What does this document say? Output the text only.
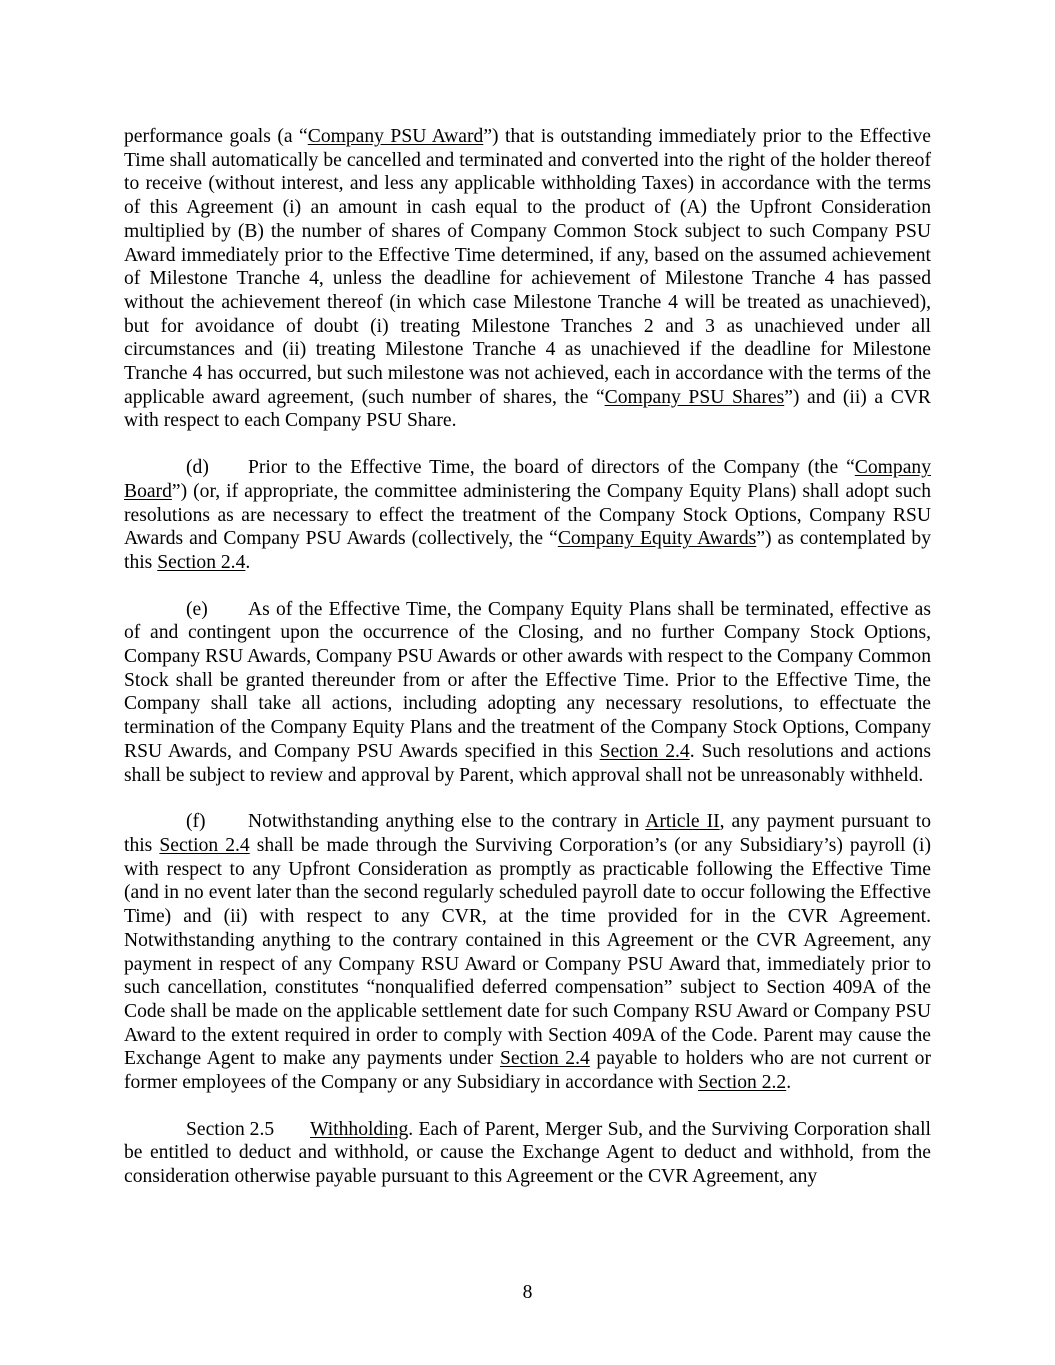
performance goals (a “Company PSU Award”) that is outstanding immediately prior to the Effective Time shall automatically be cancelled and terminated and converted into the right of the holder thereof to receive (without interest, and less any applicable withholding Taxes) in accordance with the terms of this Agreement (i) an amount in cash equal to the product of (A) the Upfront Consideration multiplied by (B) the number of shares of Company Common Stock subject to such Company PSU Award immediately prior to the Effective Time determined, if any, based on the assumed achievement of Milestone Tranche 4, unless the deadline for achievement of Milestone Tranche 4 has passed without the achievement thereof (in which case Milestone Tranche 4 will be treated as unachieved), but for avoidance of doubt (i) treating Milestone Tranches 2 and 3 as unachieved under all circumstances and (ii) treating Milestone Tranche 4 as unachieved if the deadline for Milestone Tranche 4 has occurred, but such milestone was not achieved, each in accordance with the terms of the applicable award agreement, (such number of shares, the “Company PSU Shares”) and (ii) a CVR with respect to each Company PSU Share.

(d) Prior to the Effective Time, the board of directors of the Company (the “Company Board”) (or, if appropriate, the committee administering the Company Equity Plans) shall adopt such resolutions as are necessary to effect the treatment of the Company Stock Options, Company RSU Awards and Company PSU Awards (collectively, the “Company Equity Awards”) as contemplated by this Section 2.4.

(e) As of the Effective Time, the Company Equity Plans shall be terminated, effective as of and contingent upon the occurrence of the Closing, and no further Company Stock Options, Company RSU Awards, Company PSU Awards or other awards with respect to the Company Common Stock shall be granted thereunder from or after the Effective Time. Prior to the Effective Time, the Company shall take all actions, including adopting any necessary resolutions, to effectuate the termination of the Company Equity Plans and the treatment of the Company Stock Options, Company RSU Awards, and Company PSU Awards specified in this Section 2.4. Such resolutions and actions shall be subject to review and approval by Parent, which approval shall not be unreasonably withheld.

(f) Notwithstanding anything else to the contrary in Article II, any payment pursuant to this Section 2.4 shall be made through the Surviving Corporation’s (or any Subsidiary’s) payroll (i) with respect to any Upfront Consideration as promptly as practicable following the Effective Time (and in no event later than the second regularly scheduled payroll date to occur following the Effective Time) and (ii) with respect to any CVR, at the time provided for in the CVR Agreement. Notwithstanding anything to the contrary contained in this Agreement or the CVR Agreement, any payment in respect of any Company RSU Award or Company PSU Award that, immediately prior to such cancellation, constitutes “nonqualified deferred compensation” subject to Section 409A of the Code shall be made on the applicable settlement date for such Company RSU Award or Company PSU Award to the extent required in order to comply with Section 409A of the Code. Parent may cause the Exchange Agent to make any payments under Section 2.4 payable to holders who are not current or former employees of the Company or any Subsidiary in accordance with Section 2.2.

Section 2.5 Withholding. Each of Parent, Merger Sub, and the Surviving Corporation shall be entitled to deduct and withhold, or cause the Exchange Agent to deduct and withhold, from the consideration otherwise payable pursuant to this Agreement or the CVR Agreement, any

8
